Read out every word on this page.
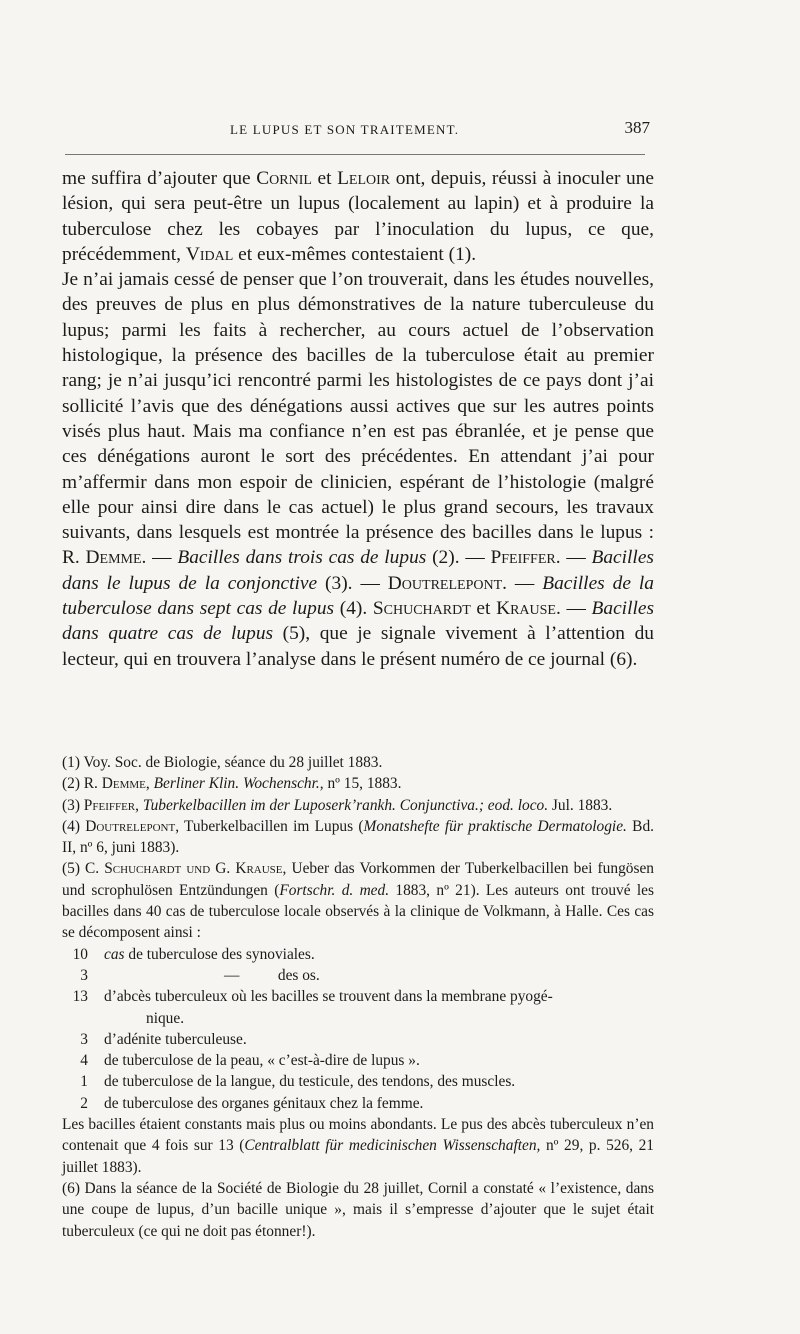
LE LUPUS ET SON TRAITEMENT.	387

me suffira d’ajouter que Cornil et Leloir ont, depuis, réussi à inoculer une lésion, qui sera peut-être un lupus (localement au lapin) et à produire la tuberculose chez les cobayes par l’inoculation du lupus, ce que, précédemment, Vidal et eux-mêmes contestaient (1).

Je n’ai jamais cessé de penser que l’on trouverait, dans les études nouvelles, des preuves de plus en plus démonstratives de la nature tuberculeuse du lupus; parmi les faits à rechercher, au cours actuel de l’observation histologique, la présence des bacilles de la tuberculose était au premier rang; je n’ai jusqu’ici rencontré parmi les histologistes de ce pays dont j’ai sollicité l’avis que des dénégations aussi actives que sur les autres points visés plus haut. Mais ma confiance n’en est pas ébranlée, et je pense que ces dénégations auront le sort des précédentes. En attendant j’ai pour m’affermir dans mon espoir de clinicien, espérant de l’histologie (malgré elle pour ainsi dire dans le cas actuel) le plus grand secours, les travaux suivants, dans lesquels est montrée la présence des bacilles dans le lupus : R. Demme. — Bacilles dans trois cas de lupus (2). — Pfeiffer. — Bacilles dans le lupus de la conjonctive (3). — Doutrelepont. — Bacilles de la tuberculose dans sept cas de lupus (4). Schuchardt et Krause. — Bacilles dans quatre cas de lupus (5), que je signale vivement à l’attention du lecteur, qui en trouvera l’analyse dans le présent numéro de ce journal (6).

(1) Voy. Soc. de Biologie, séance du 28 juillet 1883.

(2) R. Demme, Berliner Klin. Wochenschr., nº 15, 1883.

(3) Pfeiffer, Tuberkelbacillen im der Luposerk’rankh. Conjunctiva.; eod. loco. Jul. 1883.

(4) Doutrelepont, Tuberkelbacillen im Lupus (Monatshefte für praktische Dermatologie. Bd. II, nº 6, juni 1883).

(5) C. Schuchardt und G. Krause, Ueber das Vorkommen der Tuberkelbacillen bei fungösen und scrophulösen Entzündungen (Fortschr. d. med. 1883, nº 21). Les auteurs ont trouvé les bacilles dans 40 cas de tuberculose locale observés à la clinique de Volkmann, à Halle. Ces cas se décomposent ainsi :

10	cas de tuberculose des synoviales.
3	—          des os.
13	d’abcès tuberculeux où les bacilles se trouvent dans la membrane pyogé-
nique.
3	d’adénite tuberculeuse.
4	de tuberculose de la peau, « c’est-à-dire de lupus ».
1	de tuberculose de la langue, du testicule, des tendons, des muscles.
2	de tuberculose des organes génitaux chez la femme.

Les bacilles étaient constants mais plus ou moins abondants. Le pus des abcès tuberculeux n’en contenait que 4 fois sur 13 (Centralblatt für medicinischen Wissenschaften, nº 29, p. 526, 21 juillet 1883).

(6) Dans la séance de la Société de Biologie du 28 juillet, Cornil a constaté « l’existence, dans une coupe de lupus, d’un bacille unique », mais il s’empresse d’ajouter que le sujet était tuberculeux (ce qui ne doit pas étonner!).
